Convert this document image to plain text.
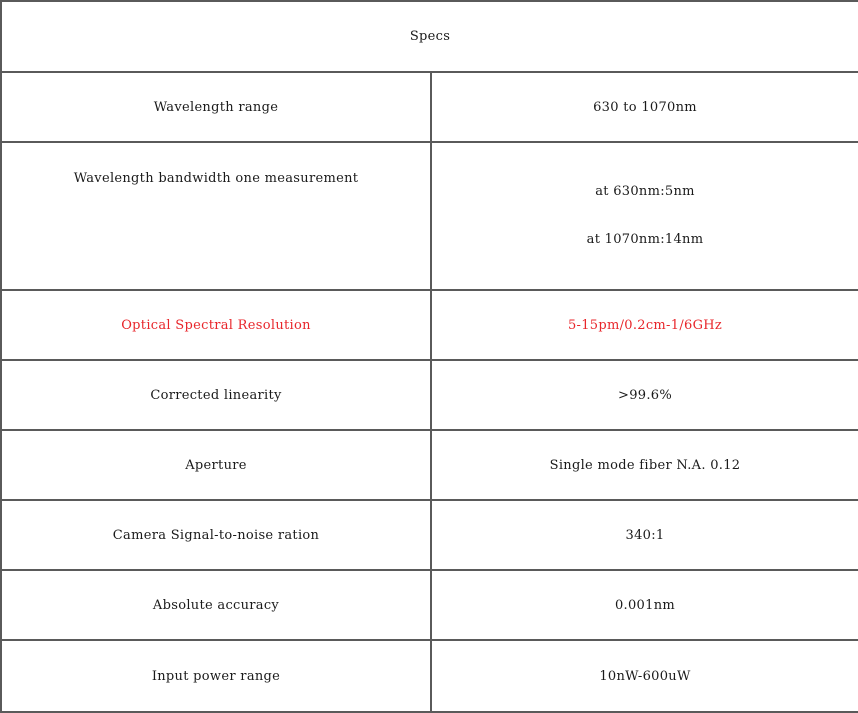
Specs	
Wavelength range	630 to 1070nm
Wavelength bandwidth one measurement	at 630nm:5nm
at 1070nm:14nm

Optical Spectral Resolution	5-15pm/0.2cm-1/6GHz
Corrected linearity	>99.6%
Aperture	Single mode fiber N.A. 0.12
Camera Signal-to-noise ration	340:1
Absolute accuracy	0.001nm
Input power range	10nW-600uW
